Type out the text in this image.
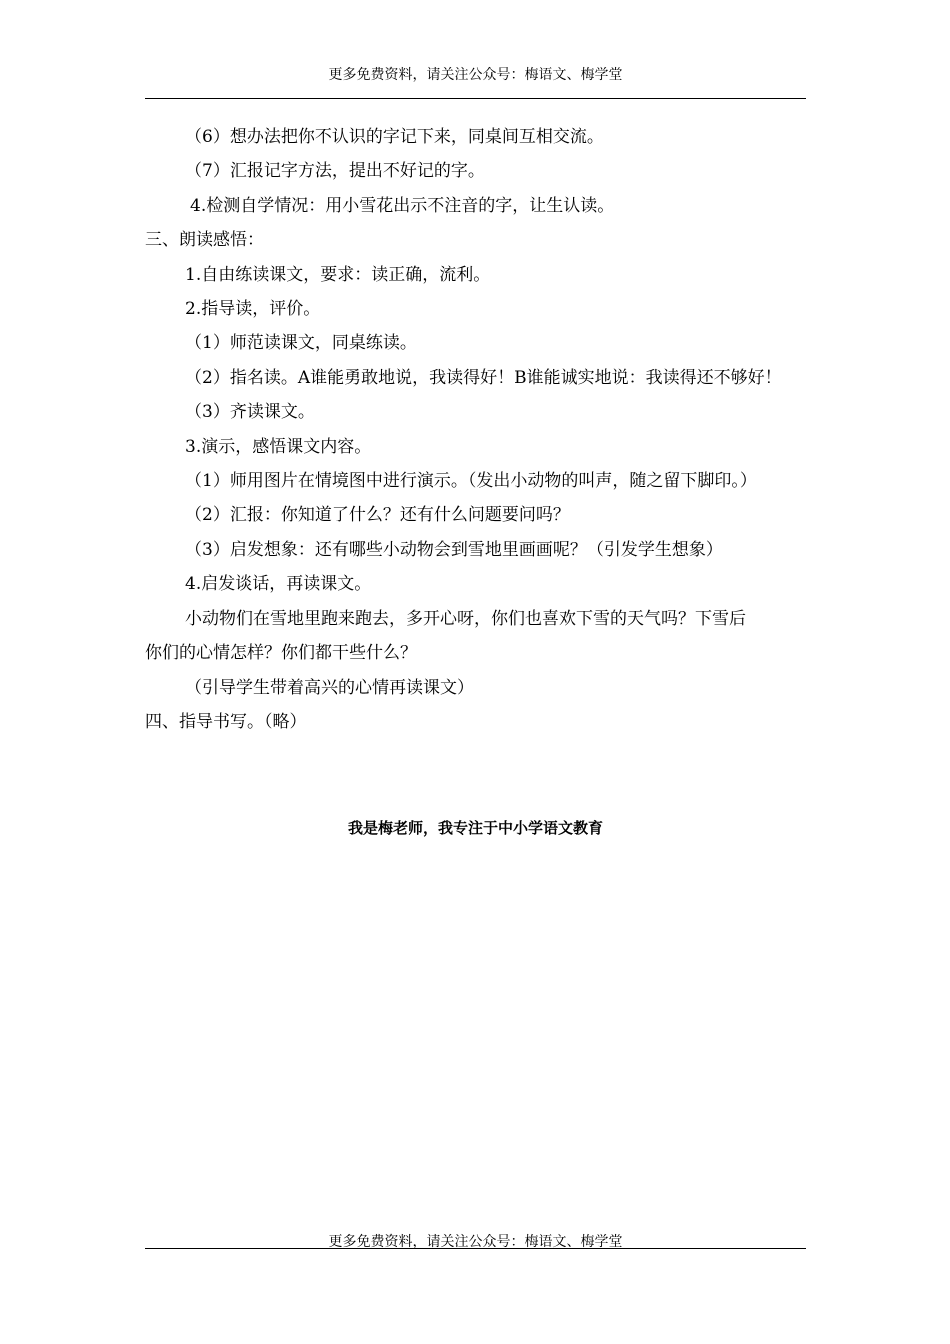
更多免费资料，请关注公众号：梅语文、梅学堂
（6）想办法把你不认识的字记下来，同桌间互相交流。
（7）汇报记字方法，提出不好记的字。
4.检测自学情况：用小雪花出示不注音的字，让生认读。
三、朗读感悟：
1.自由练读课文，要求：读正确，流利。
2.指导读，评价。
（1）师范读课文，同桌练读。
（2）指名读。A谁能勇敢地说，我读得好！B谁能诚实地说：我读得还不够好！
（3）齐读课文。
3.演示，感悟课文内容。
（1）师用图片在情境图中进行演示。（发出小动物的叫声，随之留下脚印。）
（2）汇报：你知道了什么？还有什么问题要问吗？
（3）启发想象：还有哪些小动物会到雪地里画画呢？（引发学生想象）
4.启发谈话，再读课文。
小动物们在雪地里跑来跑去，多开心呀，你们也喜欢下雪的天气吗？下雪后
你们的心情怎样？你们都干些什么？
（引导学生带着高兴的心情再读课文）
四、指导书写。（略）
我是梅老师，我专注于中小学语文教育
更多免费资料，请关注公众号：梅语文、梅学堂
